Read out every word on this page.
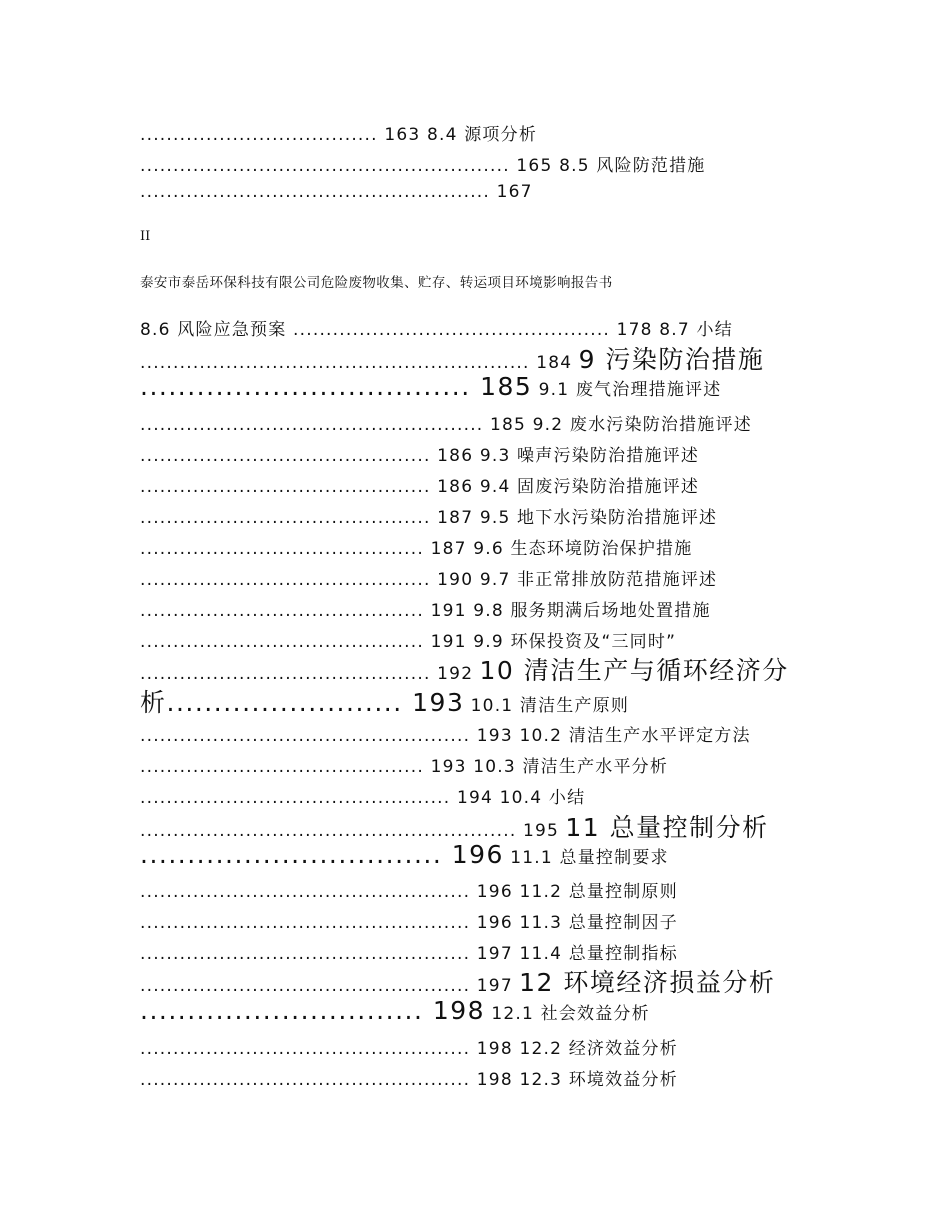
.................................... 163 8.4 源项分析
........................................................ 165 8.5 风险防范措施
..................................................... 167
II
泰安市泰岳环保科技有限公司危险废物收集、贮存、转运项目环境影响报告书
8.6 风险应急预案 ................................................ 178 8.7 小结
........................................................... 184 9 污染防治措施
................................... 185 9.1 废气治理措施评述
.................................................... 185 9.2 废水污染防治措施评述
............................................ 186 9.3 噪声污染防治措施评述
............................................ 186 9.4 固废污染防治措施评述
............................................ 187 9.5 地下水污染防治措施评述
........................................... 187 9.6 生态环境防治保护措施
............................................ 190 9.7 非正常排放防范措施评述
........................................... 191 9.8 服务期满后场地处置措施
........................................... 191 9.9 环保投资及“三同时”
............................................ 192 10 清洁生产与循环经济分
析......................... 193 10.1 清洁生产原则
.................................................. 193 10.2 清洁生产水平评定方法
........................................... 193 10.3 清洁生产水平分析
............................................... 194 10.4 小结
......................................................... 195 11 总量控制分析
................................ 196 11.1 总量控制要求
.................................................. 196 11.2 总量控制原则
.................................................. 196 11.3 总量控制因子
.................................................. 197 11.4 总量控制指标
.................................................. 197 12 环境经济损益分析
.............................. 198 12.1 社会效益分析
.................................................. 198 12.2 经济效益分析
.................................................. 198 12.3 环境效益分析
